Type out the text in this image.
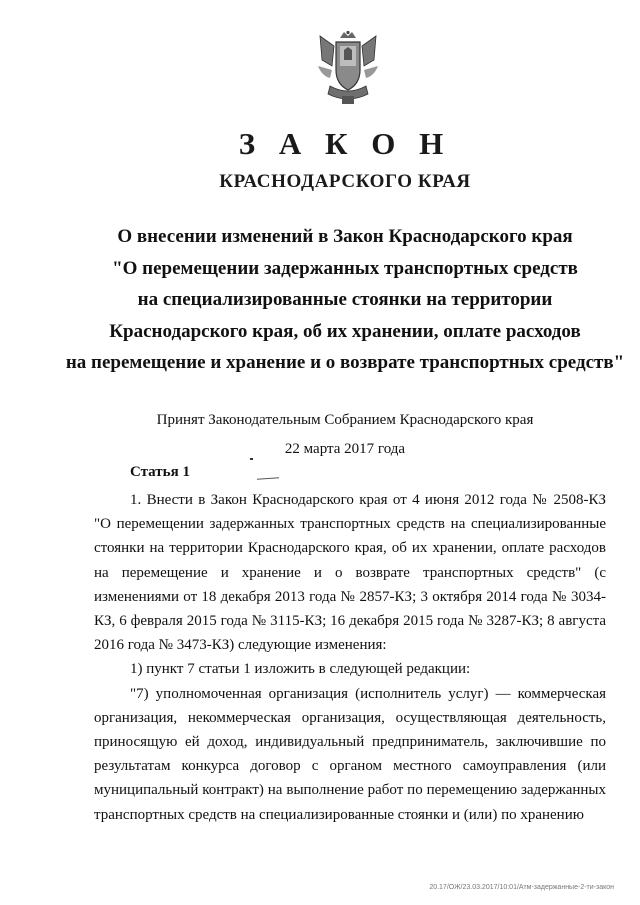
З А К О Н
КРАСНОДАРСКОГО КРАЯ
О внесении изменений в Закон Краснодарского края
"О перемещении задержанных транспортных средств
на специализированные стоянки на территории
Краснодарского края, об их хранении, оплате расходов
на перемещение и хранение и о возврате транспортных средств"
Принят Законодательным Собранием Краснодарского края
22 марта 2017 года
Статья 1

1. Внести в Закон Краснодарского края от 4 июня 2012 года № 2508-КЗ "О перемещении задержанных транспортных средств на специализированные стоянки на территории Краснодарского края, об их хранении, оплате расходов на перемещение и хранение и о возврате транспортных средств" (с изменениями от 18 декабря 2013 года № 2857-КЗ; 3 октября 2014 года № 3034-КЗ, 6 февраля 2015 года № 3115-КЗ; 16 декабря 2015 года № 3287-КЗ; 8 августа 2016 года № 3473-КЗ) следующие изменения:

1) пункт 7 статьи 1 изложить в следующей редакции:

"7) уполномоченная организация (исполнитель услуг) — коммерческая организация, некоммерческая организация, осуществляющая деятельность, приносящую ей доход, индивидуальный предприниматель, заключившие по результатам конкурса договор с органом местного самоуправления (или муниципальный контракт) на выполнение работ по перемещению задержанных транспортных средств на специализированные стоянки и (или) по хранению

20.17/ОЖ/23.03.2017/10:01/Атм-задержанные-2-ти-закон
